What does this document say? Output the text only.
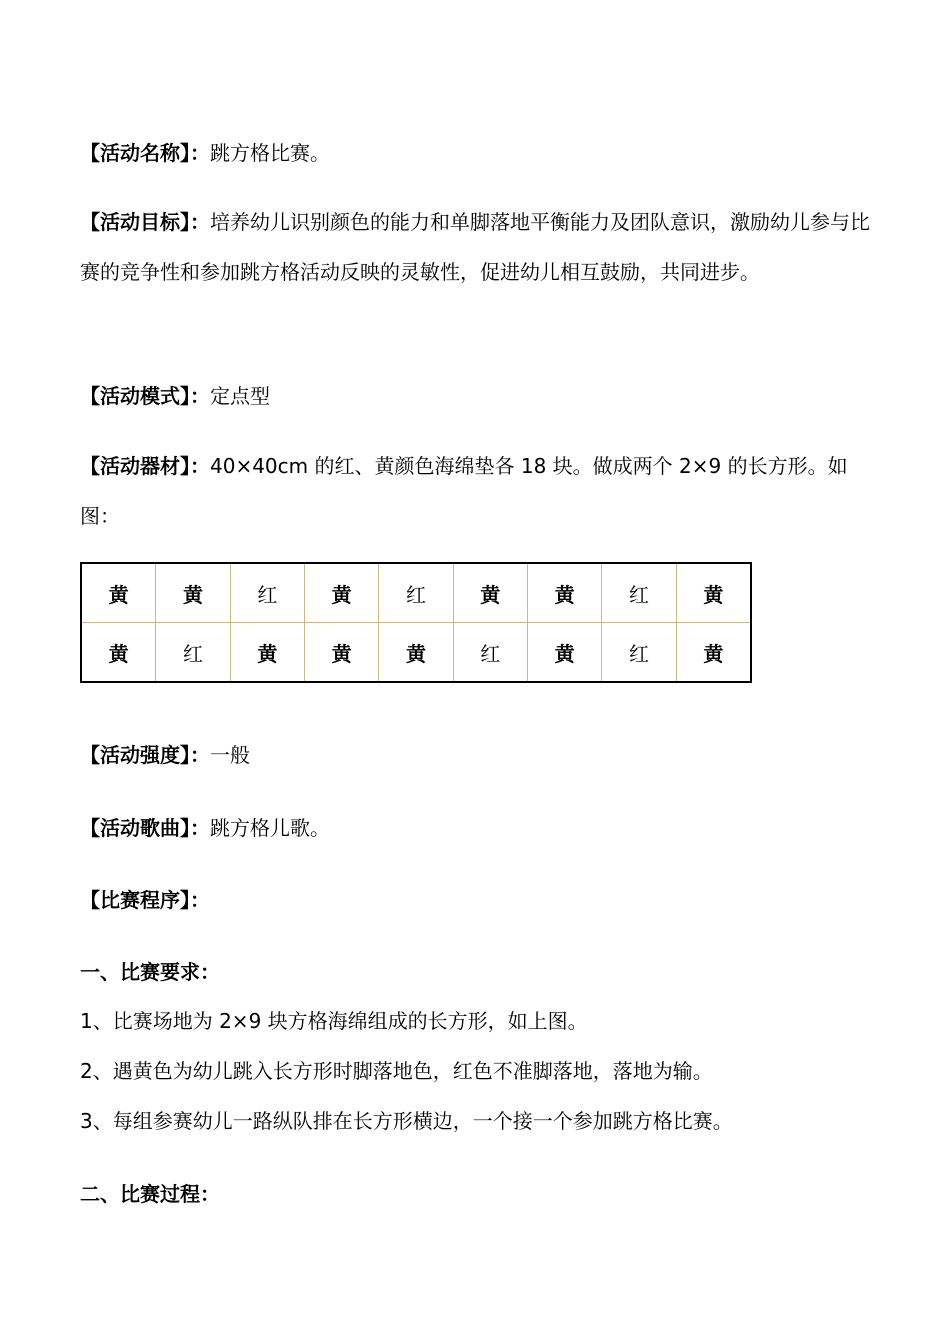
【活动名称】：跳方格比赛。
【活动目标】：培养幼儿识别颜色的能力和单脚落地平衡能力及团队意识，激励幼儿参与比赛的竞争性和参加跳方格活动反映的灵敏性，促进幼儿相互鼓励，共同进步。
【活动模式】：定点型
【活动器材】：40×40cm 的红、黄颜色海绵垫各 18 块。做成两个 2×9 的长方形。如图：
黄	黄	红	黄	红	黄	黄	红	黄
黄	红	黄	黄	黄	红	黄	红	黄
【活动强度】：一般
【活动歌曲】：跳方格儿歌。
【比赛程序】：
一、比赛要求：
1、比赛场地为 2×9 块方格海绵组成的长方形，如上图。
2、遇黄色为幼儿跳入长方形时脚落地色，红色不准脚落地，落地为输。
3、每组参赛幼儿一路纵队排在长方形横边，一个接一个参加跳方格比赛。
二、比赛过程：
